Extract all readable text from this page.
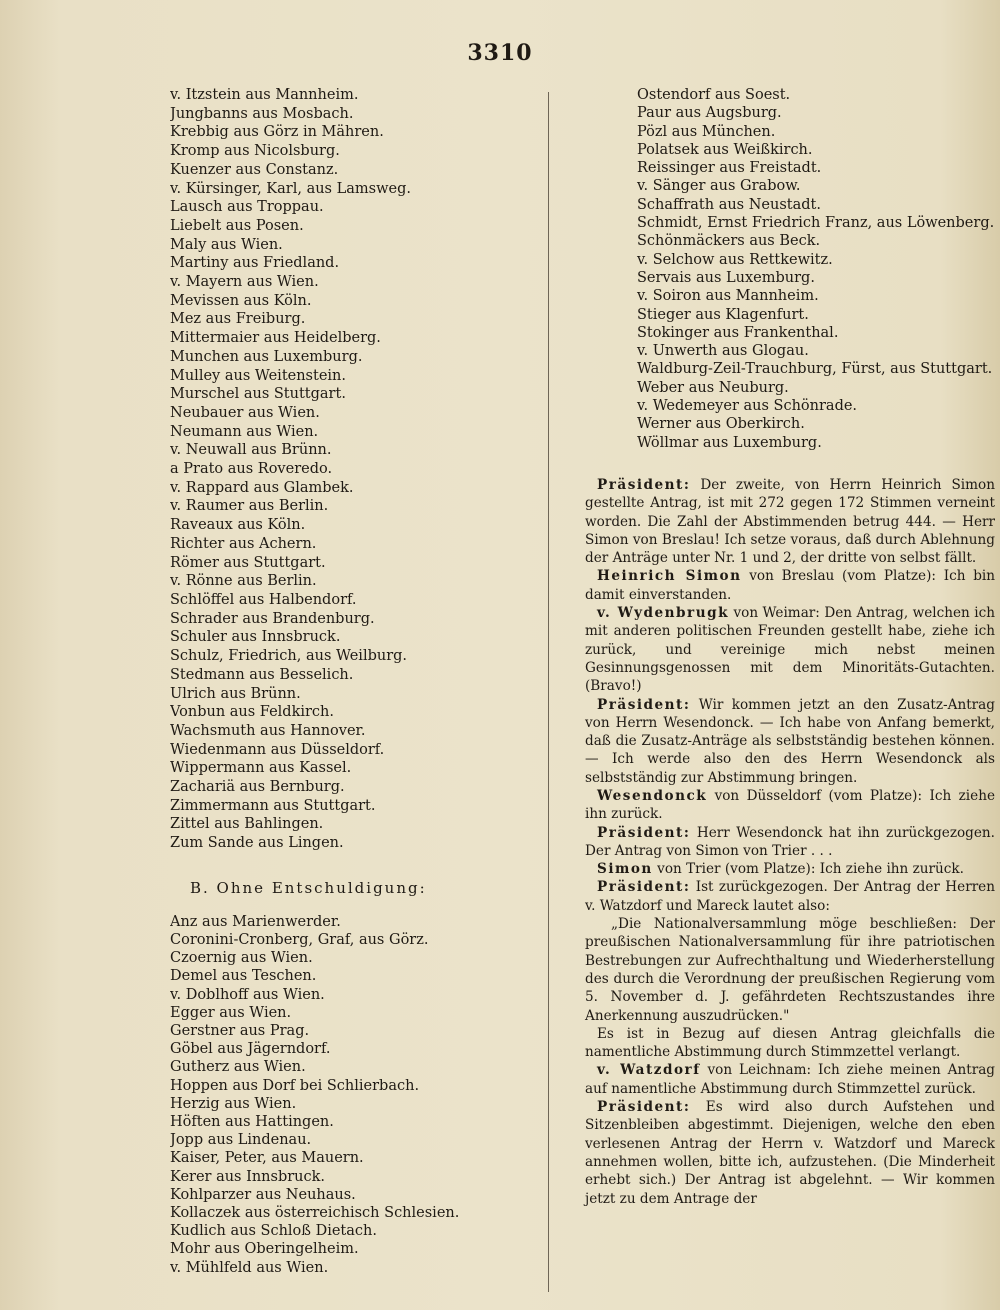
3310
v. Itzstein aus Mannheim.
Jungbanns aus Mosbach.
Krebbig aus Görz in Mähren.
Kromp aus Nicolsburg.
Kuenzer aus Constanz.
v. Kürsinger, Karl, aus Lamsweg.
Lausch aus Troppau.
Liebelt aus Posen.
Maly aus Wien.
Martiny aus Friedland.
v. Mayern aus Wien.
Mevissen aus Köln.
Mez aus Freiburg.
Mittermaier aus Heidelberg.
Munchen aus Luxemburg.
Mulley aus Weitenstein.
Murschel aus Stuttgart.
Neubauer aus Wien.
Neumann aus Wien.
v. Neuwall aus Brünn.
a Prato aus Roveredo.
v. Rappard aus Glambek.
v. Raumer aus Berlin.
Raveaux aus Köln.
Richter aus Achern.
Römer aus Stuttgart.
v. Rönne aus Berlin.
Schlöffel aus Halbendorf.
Schrader aus Brandenburg.
Schuler aus Innsbruck.
Schulz, Friedrich, aus Weilburg.
Stedmann aus Besselich.
Ulrich aus Brünn.
Vonbun aus Feldkirch.
Wachsmuth aus Hannover.
Wiedenmann aus Düsseldorf.
Wippermann aus Kassel.
Zachariä aus Bernburg.
Zimmermann aus Stuttgart.
Zittel aus Bahlingen.
Zum Sande aus Lingen.
B. Ohne Entschuldigung:
Anz aus Marienwerder.
Coronini-Cronberg, Graf, aus Görz.
Czoernig aus Wien.
Demel aus Teschen.
v. Doblhoff aus Wien.
Egger aus Wien.
Gerstner aus Prag.
Göbel aus Jägerndorf.
Gutherz aus Wien.
Hoppen aus Dorf bei Schlierbach.
Herzig aus Wien.
Höften aus Hattingen.
Jopp aus Lindenau.
Kaiser, Peter, aus Mauern.
Kerer aus Innsbruck.
Kohlparzer aus Neuhaus.
Kollaczek aus österreichisch Schlesien.
Kudlich aus Schloß Dietach.
Mohr aus Oberingelheim.
v. Mühlfeld aus Wien.
Ostendorf aus Soest.
Paur aus Augsburg.
Pözl aus München.
Polatsek aus Weißkirch.
Reissinger aus Freistadt.
v. Sänger aus Grabow.
Schaffrath aus Neustadt.
Schmidt, Ernst Friedrich Franz, aus Löwenberg.
Schönmäckers aus Beck.
v. Selchow aus Rettkewitz.
Servais aus Luxemburg.
v. Soiron aus Mannheim.
Stieger aus Klagenfurt.
Stokinger aus Frankenthal.
v. Unwerth aus Glogau.
Waldburg-Zeil-Trauchburg, Fürst, aus Stuttgart.
Weber aus Neuburg.
v. Wedemeyer aus Schönrade.
Werner aus Oberkirch.
Wöllmar aus Luxemburg.

Präsident: Der zweite, von Herrn Heinrich Simon gestellte Antrag, ist mit 272 gegen 172 Stimmen verneint worden. Die Zahl der Abstimmenden betrug 444. — Herr Simon von Breslau! Ich setze voraus, daß durch Ablehnung der Anträge unter Nr. 1 und 2, der dritte von selbst fällt.

Heinrich Simon von Breslau (vom Platze): Ich bin damit einverstanden.

v. Wydenbrugk von Weimar: Den Antrag, welchen ich mit anderen politischen Freunden gestellt habe, ziehe ich zurück, und vereinige mich nebst meinen Gesinnungsgenossen mit dem Minoritäts-Gutachten. (Bravo!)

Präsident: Wir kommen jetzt an den Zusatz-Antrag von Herrn Wesendonck. — Ich habe von Anfang bemerkt, daß die Zusatz-Anträge als selbstständig bestehen können. — Ich werde also den des Herrn Wesendonck als selbstständig zur Abstimmung bringen.

Wesendonck von Düsseldorf (vom Platze): Ich ziehe ihn zurück.

Präsident: Herr Wesendonck hat ihn zurückgezogen. Der Antrag von Simon von Trier . . .

Simon von Trier (vom Platze): Ich ziehe ihn zurück.

Präsident: Ist zurückgezogen. Der Antrag der Herren v. Watzdorf und Mareck lautet also:

„Die Nationalversammlung möge beschließen: Der preußischen Nationalversammlung für ihre patriotischen Bestrebungen zur Aufrechthaltung und Wiederherstellung des durch die Verordnung der preußischen Regierung vom 5. November d. J. gefährdeten Rechtszustandes ihre Anerkennung auszudrücken."

Es ist in Bezug auf diesen Antrag gleichfalls die namentliche Abstimmung durch Stimmzettel verlangt.

v. Watzdorf von Leichnam: Ich ziehe meinen Antrag auf namentliche Abstimmung durch Stimmzettel zurück.

Präsident: Es wird also durch Aufstehen und Sitzenbleiben abgestimmt. Diejenigen, welche den eben verlesenen Antrag der Herrn v. Watzdorf und Mareck annehmen wollen, bitte ich, aufzustehen. (Die Minderheit erhebt sich.) Der Antrag ist abgelehnt. — Wir kommen jetzt zu dem Antrage der
